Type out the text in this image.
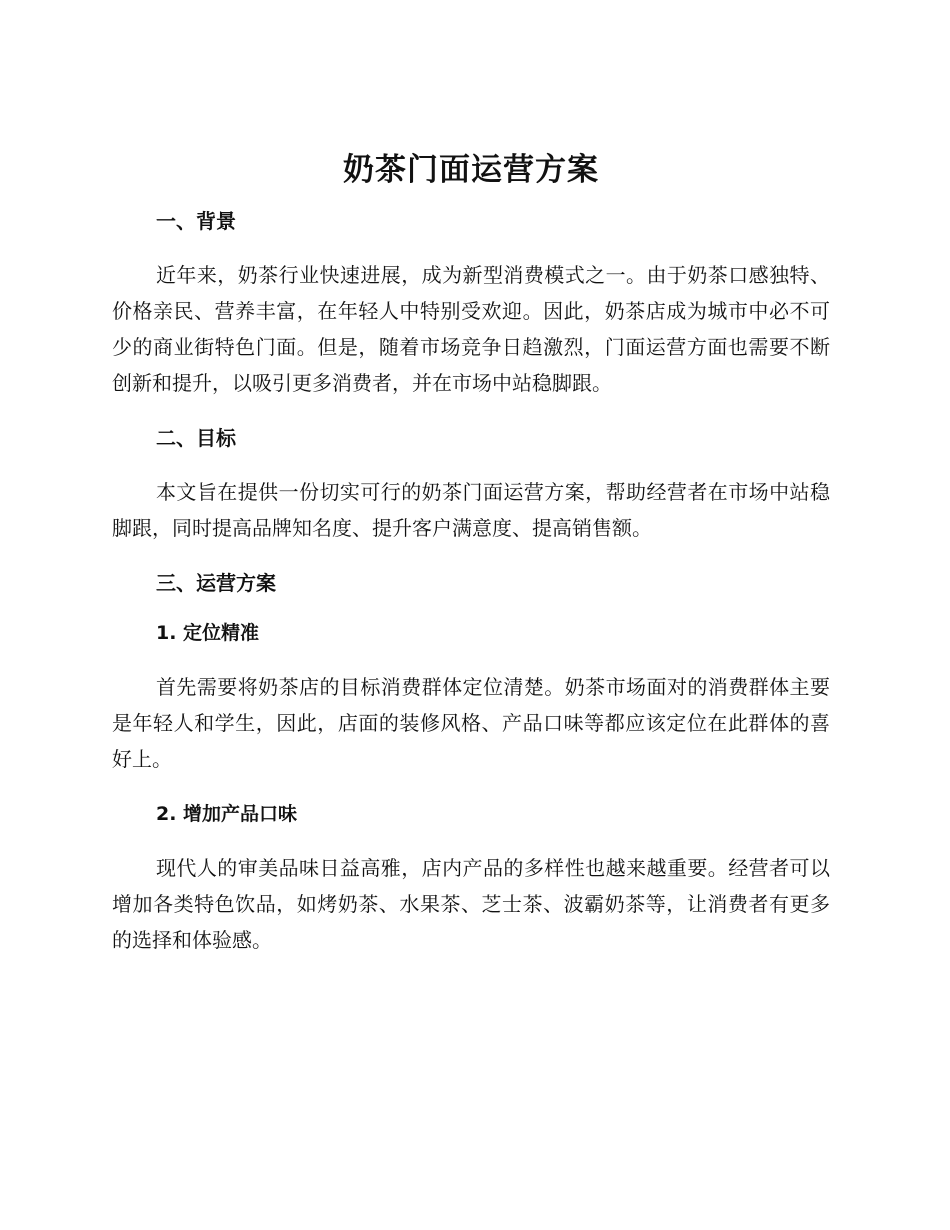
奶茶门面运营方案
一、背景

近年来，奶茶行业快速进展，成为新型消费模式之一。由于奶茶口感独特、价格亲民、营养丰富，在年轻人中特别受欢迎。因此，奶茶店成为城市中必不可少的商业街特色门面。但是，随着市场竞争日趋激烈，门面运营方面也需要不断创新和提升，以吸引更多消费者，并在市场中站稳脚跟。

二、目标

本文旨在提供一份切实可行的奶茶门面运营方案，帮助经营者在市场中站稳脚跟，同时提高品牌知名度、提升客户满意度、提高销售额。

三、运营方案
1. 定位精准

首先需要将奶茶店的目标消费群体定位清楚。奶茶市场面对的消费群体主要是年轻人和学生，因此，店面的装修风格、产品口味等都应该定位在此群体的喜好上。

2. 增加产品口味

现代人的审美品味日益高雅，店内产品的多样性也越来越重要。经营者可以增加各类特色饮品，如烤奶茶、水果茶、芝士茶、波霸奶茶等，让消费者有更多的选择和体验感。
